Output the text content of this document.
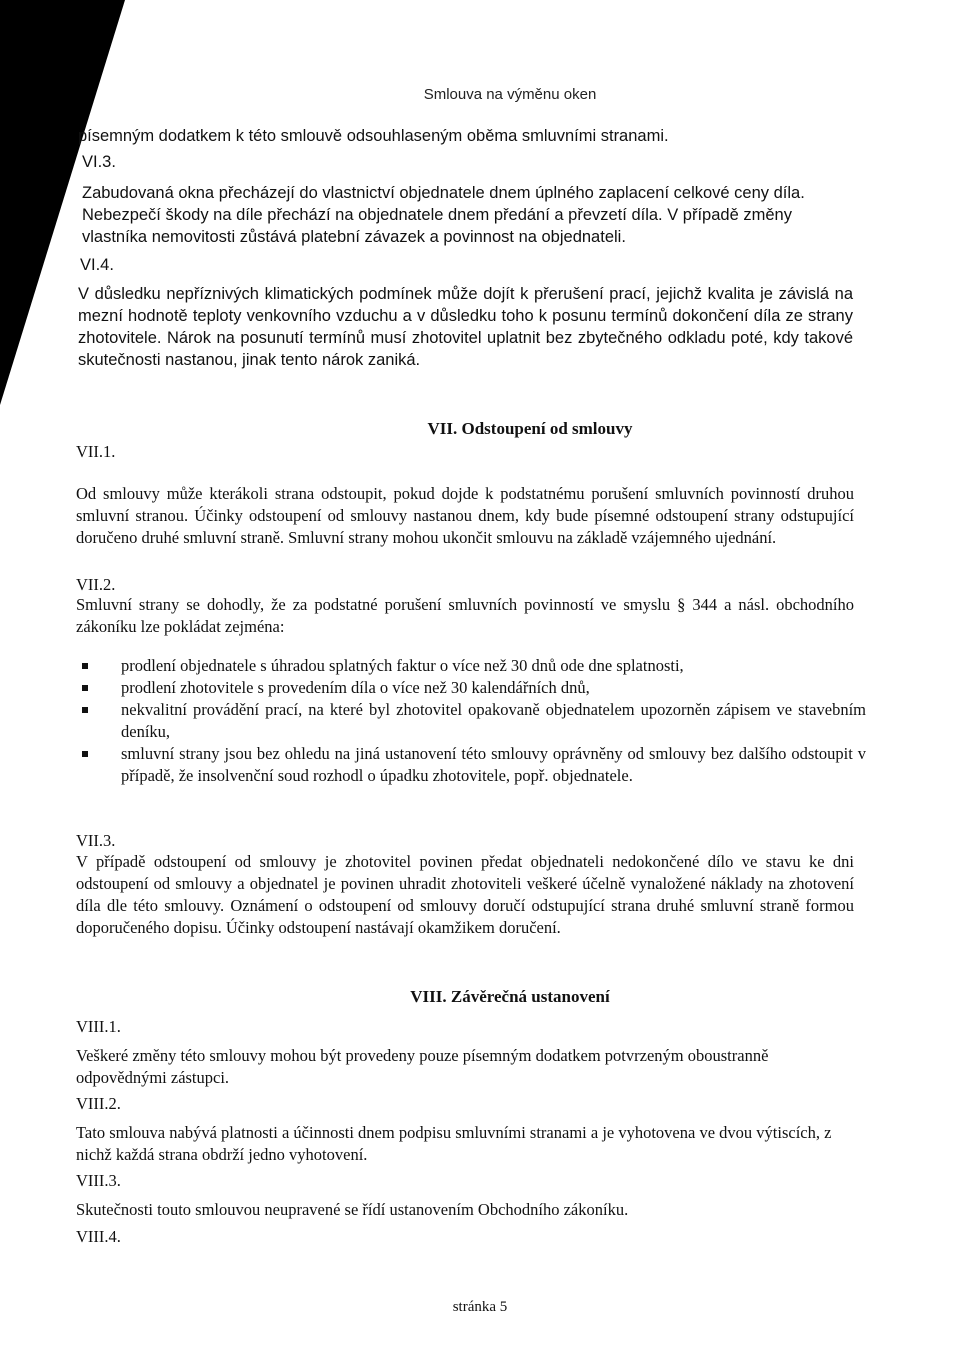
Smlouva na výměnu oken
písemným dodatkem k této smlouvě odsouhlaseným oběma smluvními stranami.
VI.3.
Zabudovaná okna přecházejí do vlastnictví objednatele dnem úplného zaplacení celkové ceny díla. Nebezpečí škody na díle přechází na objednatele dnem předání a převzetí díla. V případě změny vlastníka nemovitosti zůstává platební závazek a povinnost na objednateli.
VI.4.
V důsledku nepříznivých klimatických podmínek může dojít k přerušení prací, jejichž kvalita je závislá na mezní hodnotě teploty venkovního vzduchu a v důsledku toho k posunu termínů dokončení díla ze strany zhotovitele. Nárok na posunutí termínů musí zhotovitel uplatnit bez zbytečného odkladu poté, kdy takové skutečnosti nastanou, jinak tento nárok zaniká.
VII. Odstoupení od smlouvy
VII.1.
Od smlouvy může kterákoli strana odstoupit, pokud dojde k podstatnému porušení smluvních povinností druhou smluvní stranou. Účinky odstoupení od smlouvy nastanou dnem, kdy bude písemné odstoupení strany odstupující doručeno druhé smluvní straně. Smluvní strany mohou ukončit smlouvu na základě vzájemného ujednání.
VII.2.
Smluvní strany se dohodly, že za podstatné porušení smluvních povinností ve smyslu § 344 a násl. obchodního zákoníku lze pokládat zejména:
prodlení objednatele s úhradou splatných faktur o více než 30 dnů ode dne splatnosti,
prodlení zhotovitele s provedením díla o více než 30 kalendářních dnů,
nekvalitní provádění prací, na které byl zhotovitel opakovaně objednatelem upozorněn zápisem ve stavebním deníku,
smluvní strany jsou bez ohledu na jiná ustanovení této smlouvy oprávněny od smlouvy bez dalšího odstoupit v případě, že insolvenční soud rozhodl o úpadku zhotovitele, popř. objednatele.
VII.3.
V případě odstoupení od smlouvy je zhotovitel povinen předat objednateli nedokončené dílo ve stavu ke dni odstoupení od smlouvy a objednatel je povinen uhradit zhotoviteli veškeré účelně vynaložené náklady na zhotovení díla dle této smlouvy. Oznámení o odstoupení od smlouvy doručí odstupující strana druhé smluvní straně formou doporučeného dopisu. Účinky odstoupení nastávají okamžikem doručení.
VIII. Závěrečná ustanovení
VIII.1.
Veškeré změny této smlouvy mohou být provedeny pouze písemným dodatkem potvrzeným oboustranně odpovědnými zástupci.
VIII.2.
Tato smlouva nabývá platnosti a účinnosti dnem podpisu smluvními stranami a je vyhotovena ve dvou výtiscích, z nichž každá strana obdrží jedno vyhotovení.
VIII.3.
Skutečnosti touto smlouvou neupravené se řídí ustanovením Obchodního zákoníku.
VIII.4.
stránka 5
